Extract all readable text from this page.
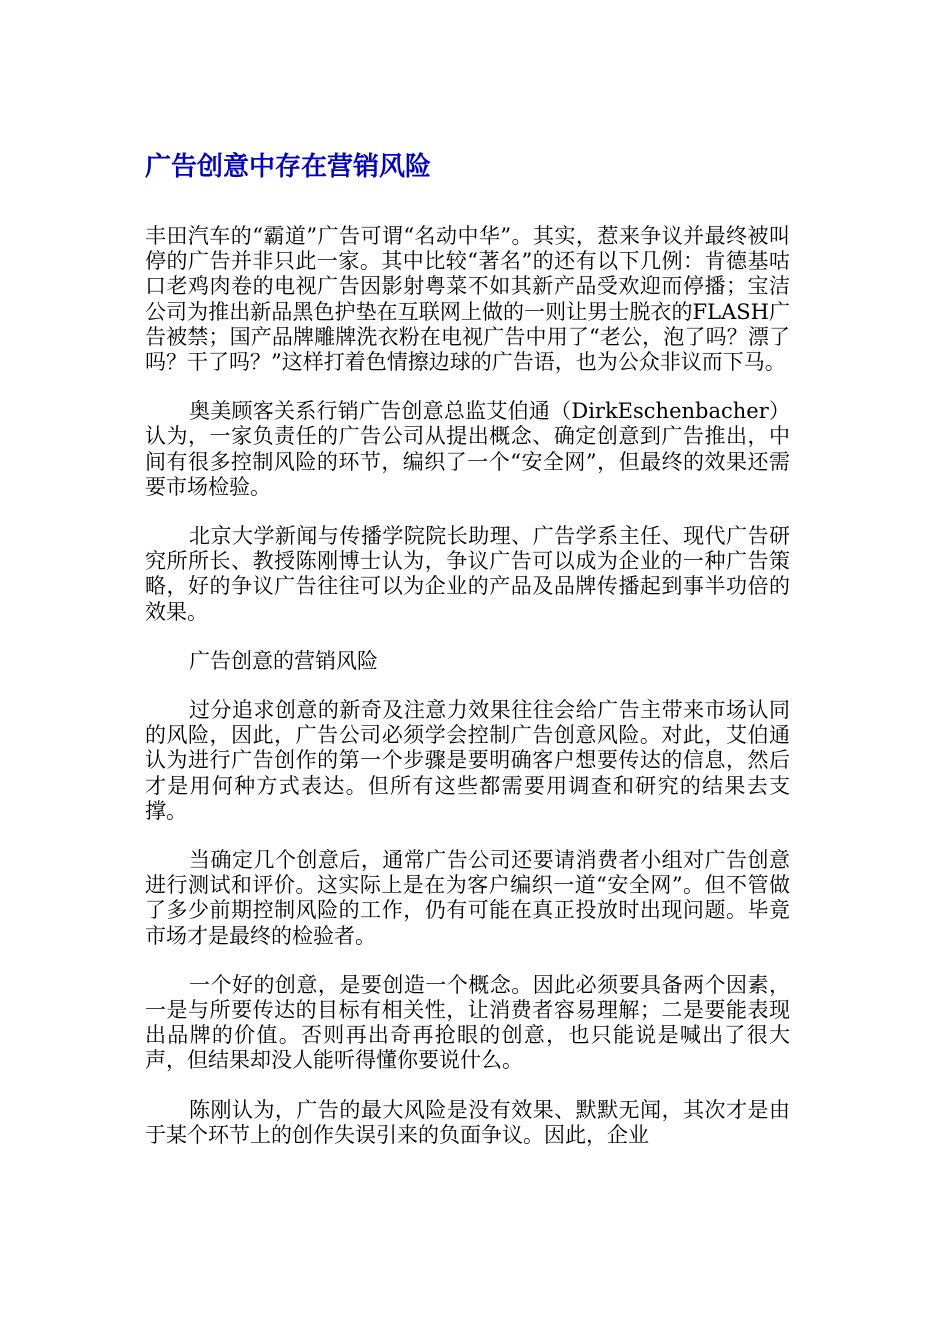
广告创意中存在营销风险

丰田汽车的“霸道”广告可谓“名动中华”。其实，惹来争议并最终被叫停的广告并非只此一家。其中比较“著名”的还有以下几例：肯德基咕口老鸡肉卷的电视广告因影射粤菜不如其新产品受欢迎而停播；宝洁公司为推出新品黑色护垫在互联网上做的一则让男士脱衣的FLASH广告被禁；国产品牌雕牌洗衣粉在电视广告中用了“老公，泡了吗？漂了吗？干了吗？”这样打着色情擦边球的广告语，也为公众非议而下马。

奥美顾客关系行销广告创意总监艾伯通（DirkEschenbacher）认为，一家负责任的广告公司从提出概念、确定创意到广告推出，中间有很多控制风险的环节，编织了一个“安全网”，但最终的效果还需要市场检验。

北京大学新闻与传播学院院长助理、广告学系主任、现代广告研究所所长、教授陈刚博士认为，争议广告可以成为企业的一种广告策略，好的争议广告往往可以为企业的产品及品牌传播起到事半功倍的效果。

广告创意的营销风险

过分追求创意的新奇及注意力效果往往会给广告主带来市场认同的风险，因此，广告公司必须学会控制广告创意风险。对此，艾伯通认为进行广告创作的第一个步骤是要明确客户想要传达的信息，然后才是用何种方式表达。但所有这些都需要用调查和研究的结果去支撑。

当确定几个创意后，通常广告公司还要请消费者小组对广告创意进行测试和评价。这实际上是在为客户编织一道“安全网”。但不管做了多少前期控制风险的工作，仍有可能在真正投放时出现问题。毕竟市场才是最终的检验者。

一个好的创意，是要创造一个概念。因此必须要具备两个因素，一是与所要传达的目标有相关性，让消费者容易理解；二是要能表现出品牌的价值。否则再出奇再抢眼的创意，也只能说是喊出了很大声，但结果却没人能听得懂你要说什么。

陈刚认为，广告的最大风险是没有效果、默默无闻，其次才是由于某个环节上的创作失误引来的负面争议。因此，企业
